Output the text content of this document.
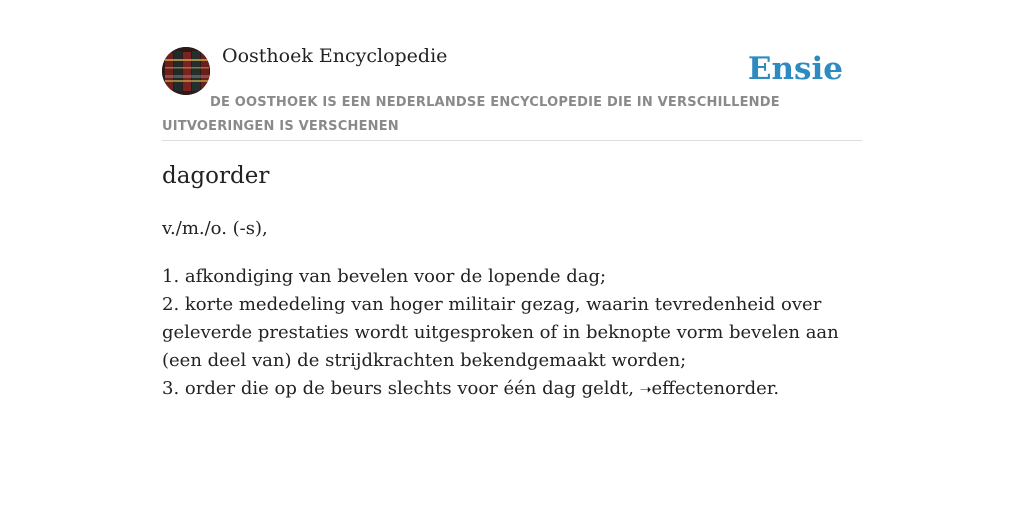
Oosthoek Encyclopedie	Ensie
DE OOSTHOEK IS EEN NEDERLANDSE ENCYCLOPEDIE DIE IN VERSCHILLENDE UITVOERINGEN IS VERSCHENEN
dagorder
v./m./o. (-s),
1. afkondiging van bevelen voor de lopende dag;
2. korte mededeling van hoger militair gezag, waarin tevredenheid over geleverde prestaties wordt uitgesproken of in beknopte vorm bevelen aan (een deel van) de strijdkrachten bekendgemaakt worden;
3. order die op de beurs slechts voor één dag geldt, ➝effectenorder.
